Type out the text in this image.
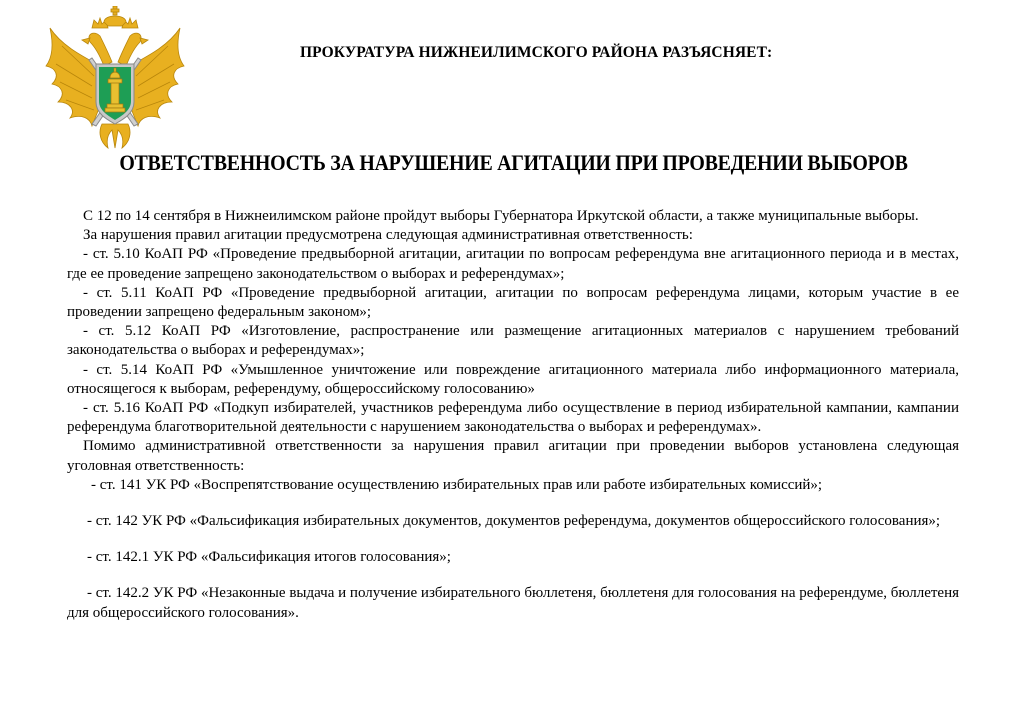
ПРОКУРАТУРА НИЖНЕИЛИМСКОГО РАЙОНА РАЗЪЯСНЯЕТ:
ОТВЕТСТВЕННОСТЬ ЗА НАРУШЕНИЕ АГИТАЦИИ ПРИ ПРОВЕДЕНИИ ВЫБОРОВ

С 12 по 14 сентября в Нижнеилимском районе пройдут выборы Губернатора Иркутской области, а также муниципальные выборы.

За нарушения правил агитации предусмотрена следующая административная ответственность:

- ст. 5.10 КоАП РФ «Проведение предвыборной агитации, агитации по вопросам референдума вне агитационного периода и в местах, где ее проведение запрещено законодательством о выборах и референдумах»;

- ст. 5.11 КоАП РФ «Проведение предвыборной агитации, агитации по вопросам референдума лицами, которым участие в ее проведении запрещено федеральным законом»;

- ст. 5.12 КоАП РФ «Изготовление, распространение или размещение агитационных материалов с нарушением требований законодательства о выборах и референдумах»;

- ст. 5.14 КоАП РФ «Умышленное уничтожение или повреждение агитационного материала либо информационного материала, относящегося к выборам, референдуму, общероссийскому голосованию»

- ст. 5.16 КоАП РФ «Подкуп избирателей, участников референдума либо осуществление в период избирательной кампании, кампании референдума благотворительной деятельности с нарушением законодательства о выборах и референдумах».

Помимо административной ответственности за нарушения правил агитации при проведении выборов установлена следующая уголовная ответственность:

- ст. 141 УК РФ «Воспрепятствование осуществлению избирательных прав или работе избирательных комиссий»;

- ст. 142 УК РФ «Фальсификация избирательных документов, документов референдума, документов общероссийского голосования»;

- ст. 142.1 УК РФ «Фальсификация итогов голосования»;

- ст. 142.2 УК РФ «Незаконные выдача и получение избирательного бюллетеня, бюллетеня для голосования на референдуме, бюллетеня для общероссийского голосования».
